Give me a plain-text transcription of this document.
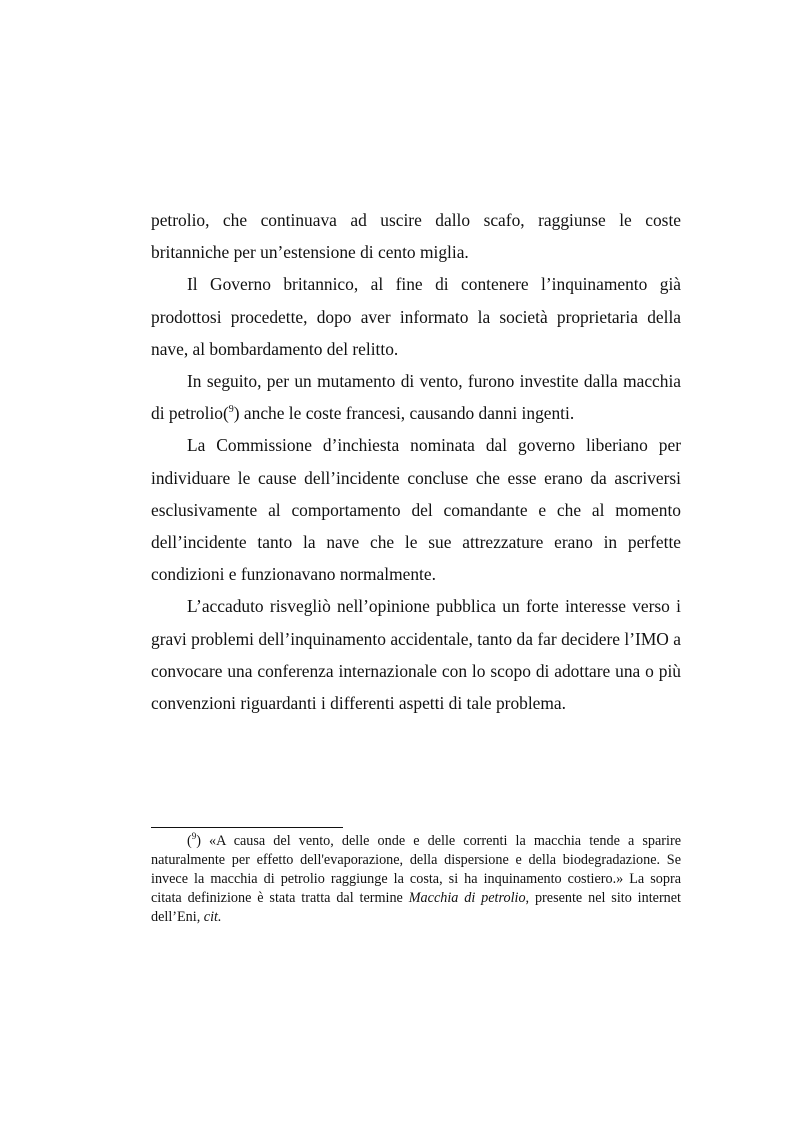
petrolio, che continuava ad uscire dallo scafo, raggiunse le coste britanniche per un’estensione di cento miglia.

Il Governo britannico, al fine di contenere l’inquinamento già prodottosi procedette, dopo aver informato la società proprietaria della nave, al bombardamento del relitto.

In seguito, per un mutamento di vento, furono investite dalla macchia di petrolio($^9$) anche le coste francesi, causando danni ingenti.

La Commissione d’inchiesta nominata dal governo liberiano per individuare le cause dell’incidente concluse che esse erano da ascriversi esclusivamente al comportamento del comandante e che al momento dell’incidente tanto la nave che le sue attrezzature erano in perfette condizioni e funzionavano normalmente.

L’accaduto risvegliò nell’opinione pubblica un forte interesse verso i gravi problemi dell’inquinamento accidentale, tanto da far decidere l’IMO a convocare una conferenza internazionale con lo scopo di adottare una o più convenzioni riguardanti i differenti aspetti di tale problema.

($^9$) «A causa del vento, delle onde e delle correnti la macchia tende a sparire naturalmente per effetto dell'evaporazione, della dispersione e della biodegradazione. Se invece la macchia di petrolio raggiunge la costa, si ha inquinamento costiero.» La sopra citata definizione è stata tratta dal termine Macchia di petrolio, presente nel sito internet dell’Eni, cit.
